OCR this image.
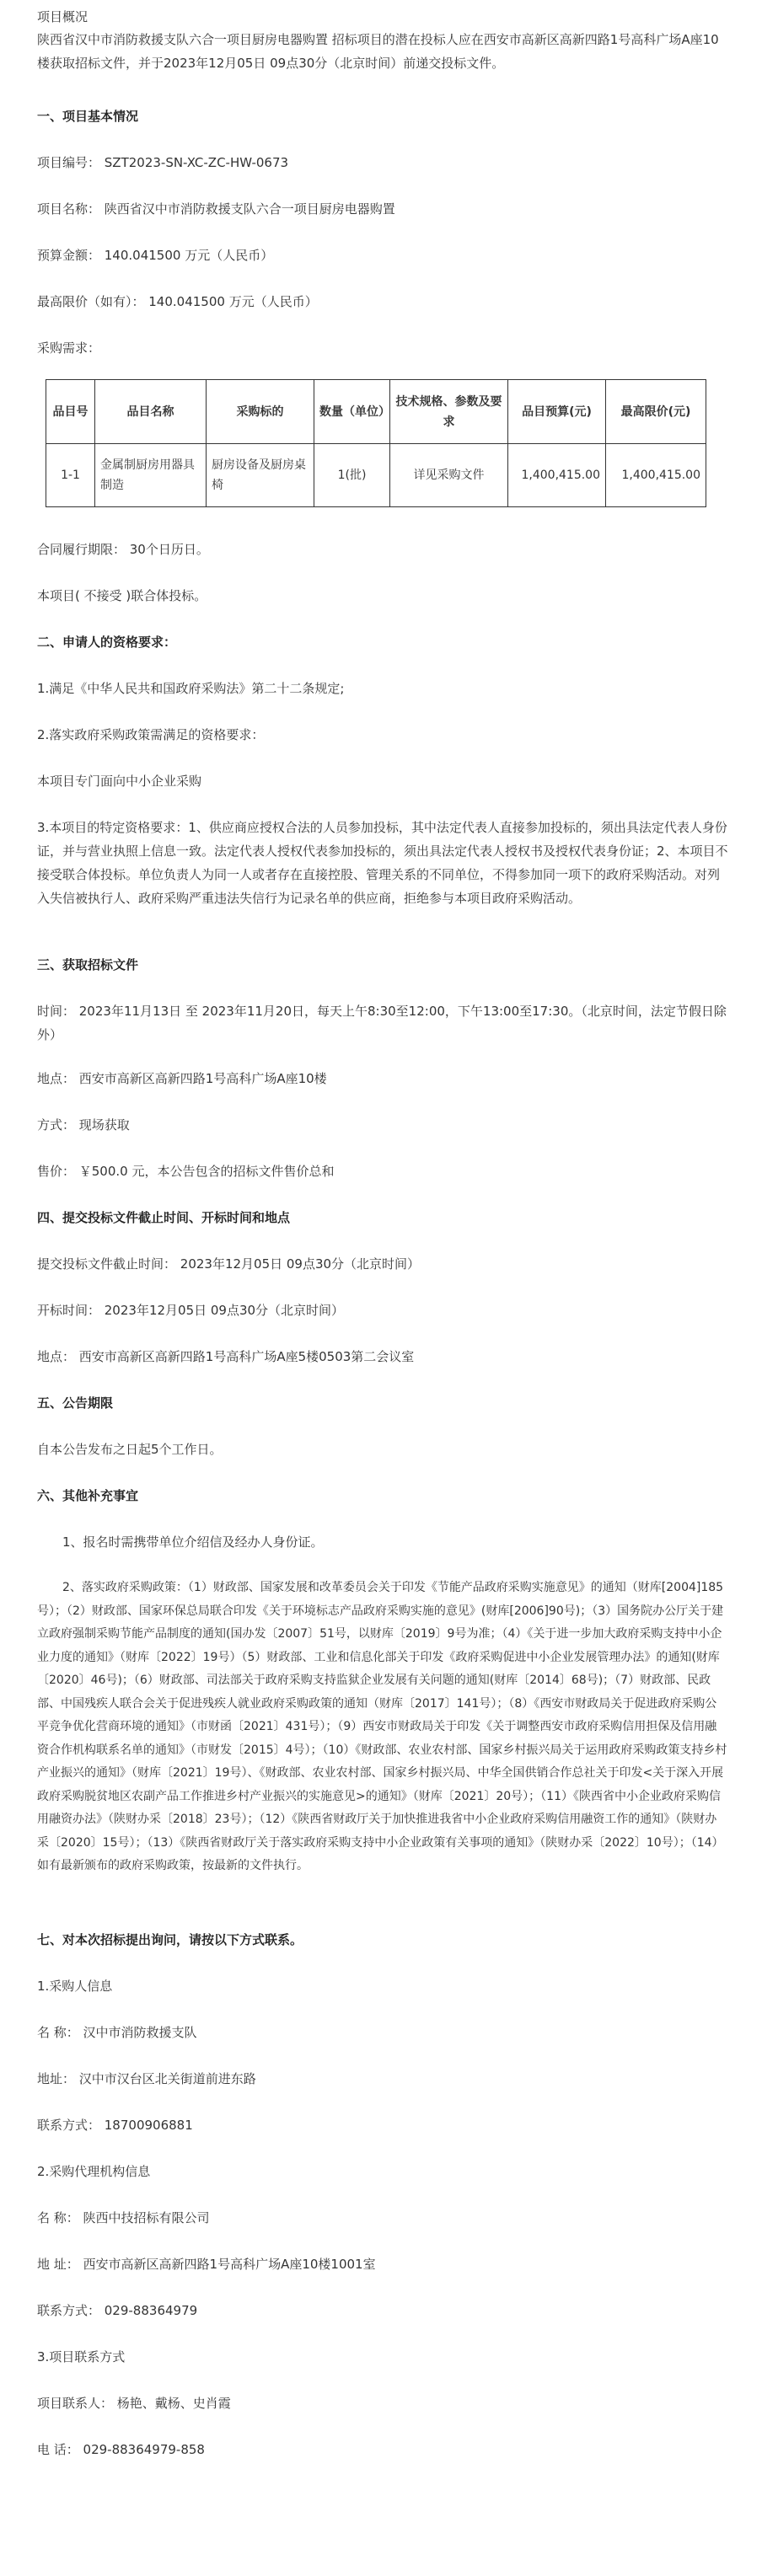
项目概况

陕西省汉中市消防救援支队六合一项目厨房电器购置 招标项目的潜在投标人应在西安市高新区高新四路1号高科广场A座10楼获取招标文件，并于2023年12月05日 09点30分（北京时间）前递交投标文件。

一、项目基本情况

项目编号： SZT2023-SN-XC-ZC-HW-0673

项目名称： 陕西省汉中市消防救援支队六合一项目厨房电器购置

预算金额： 140.041500 万元（人民币）

最高限价（如有）： 140.041500 万元（人民币）

采购需求：

品目号	品目名称	采购标的	数量（单位）	技术规格、参数及要求	品目预算(元)	最高限价(元)
1-1	金属制厨房用器具制造	厨房设备及厨房桌椅	1(批)	详见采购文件	1,400,415.00	1,400,415.00

合同履行期限： 30个日历日。

本项目( 不接受 )联合体投标。

二、申请人的资格要求：

1.满足《中华人民共和国政府采购法》第二十二条规定;

2.落实政府采购政策需满足的资格要求：

本项目专门面向中小企业采购

3.本项目的特定资格要求：1、供应商应授权合法的人员参加投标，其中法定代表人直接参加投标的，须出具法定代表人身份证，并与营业执照上信息一致。法定代表人授权代表参加投标的，须出具法定代表人授权书及授权代表身份证；2、本项目不接受联合体投标。单位负责人为同一人或者存在直接控股、管理关系的不同单位，不得参加同一项下的政府采购活动。对列入失信被执行人、政府采购严重违法失信行为记录名单的供应商，拒绝参与本项目政府采购活动。

三、获取招标文件

时间： 2023年11月13日 至 2023年11月20日，每天上午8:30至12:00，下午13:00至17:30。（北京时间，法定节假日除外）

地点： 西安市高新区高新四路1号高科广场A座10楼

方式： 现场获取

售价： ￥500.0 元，本公告包含的招标文件售价总和

四、提交投标文件截止时间、开标时间和地点

提交投标文件截止时间： 2023年12月05日 09点30分（北京时间）

开标时间： 2023年12月05日 09点30分（北京时间）

地点： 西安市高新区高新四路1号高科广场A座5楼0503第二会议室

五、公告期限

自本公告发布之日起5个工作日。

六、其他补充事宜

1、报名时需携带单位介绍信及经办人身份证。

2、落实政府采购政策：（1）财政部、国家发展和改革委员会关于印发《节能产品政府采购实施意见》的通知（财库[2004]185号）；（2）财政部、国家环保总局联合印发《关于环境标志产品政府采购实施的意见》(财库[2006]90号)；（3）国务院办公厅关于建立政府强制采购节能产品制度的通知(国办发〔2007〕51号，以财库〔2019〕9号为准；（4）《关于进一步加大政府采购支持中小企业力度的通知》（财库〔2022〕19号）（5）财政部、工业和信息化部关于印发《政府采购促进中小企业发展管理办法》的通知(财库〔2020〕46号)；（6）财政部、司法部关于政府采购支持监狱企业发展有关问题的通知(财库〔2014〕68号)；（7）财政部、民政部、中国残疾人联合会关于促进残疾人就业政府采购政策的通知（财库〔2017〕141号）；（8）《西安市财政局关于促进政府采购公平竞争优化营商环境的通知》（市财函〔2021〕431号）；（9）西安市财政局关于印发《关于调整西安市政府采购信用担保及信用融资合作机构联系名单的通知》（市财发〔2015〕4号）；（10）《财政部、农业农村部、国家乡村振兴局关于运用政府采购政策支持乡村产业振兴的通知》（财库〔2021〕19号）、《财政部、农业农村部、国家乡村振兴局、中华全国供销合作总社关于印发<关于深入开展政府采购脱贫地区农副产品工作推进乡村产业振兴的实施意见>的通知》（财库〔2021〕20号）；（11）《陕西省中小企业政府采购信用融资办法》（陕财办采〔2018〕23号）；（12）《陕西省财政厅关于加快推进我省中小企业政府采购信用融资工作的通知》（陕财办采〔2020〕15号）；（13）《陕西省财政厅关于落实政府采购支持中小企业政策有关事项的通知》（陕财办采〔2022〕10号）；（14）如有最新颁布的政府采购政策，按最新的文件执行。

七、对本次招标提出询问，请按以下方式联系。

1.采购人信息

名 称： 汉中市消防救援支队

地址： 汉中市汉台区北关街道前进东路

联系方式： 18700906881

2.采购代理机构信息

名 称： 陕西中技招标有限公司

地 址： 西安市高新区高新四路1号高科广场A座10楼1001室

联系方式： 029-88364979

3.项目联系方式

项目联系人： 杨艳、戴杨、史肖霞

电 话： 029-88364979-858
